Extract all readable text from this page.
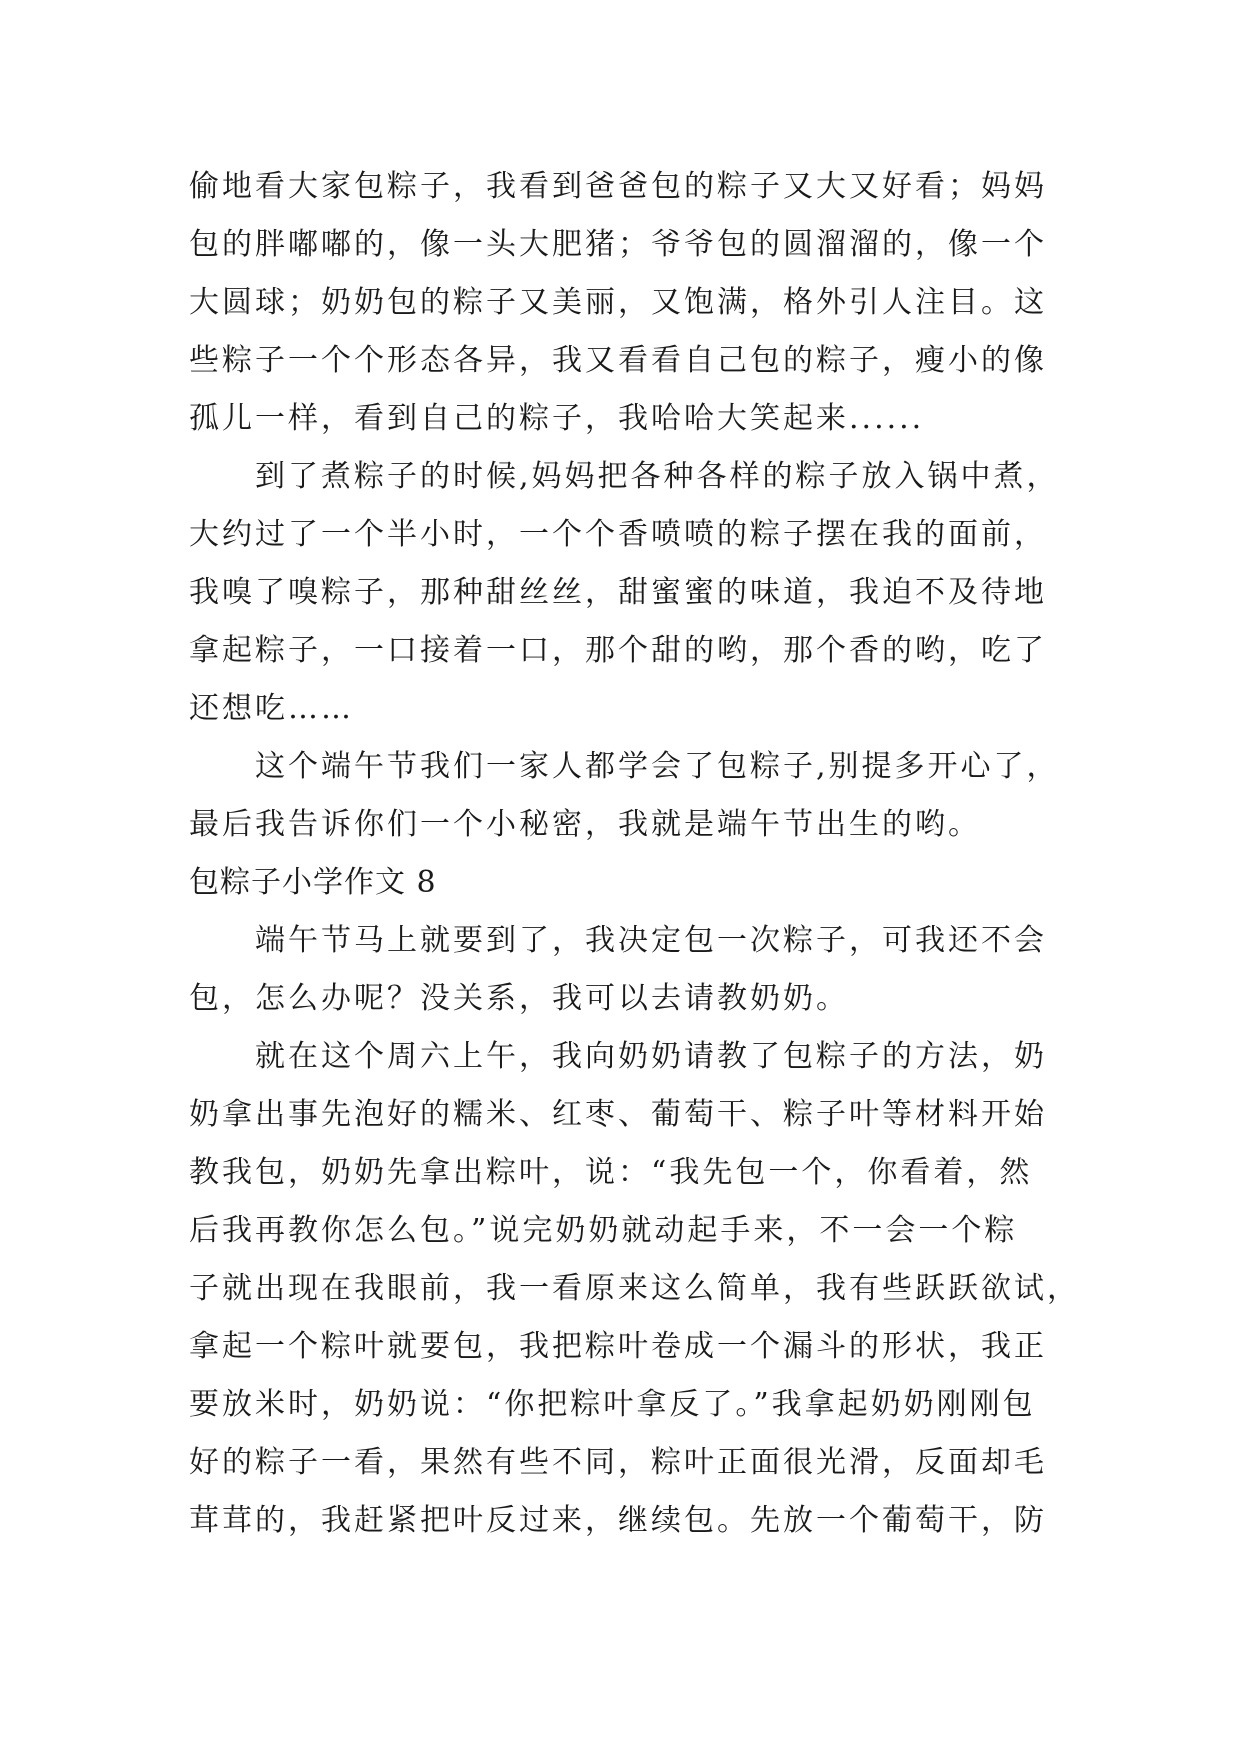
偷地看大家包粽子，我看到爸爸包的粽子又大又好看；妈妈
包的胖嘟嘟的，像一头大肥猪；爷爷包的圆溜溜的，像一个
大圆球；奶奶包的粽子又美丽，又饱满，格外引人注目。这
些粽子一个个形态各异，我又看看自己包的粽子，瘦小的像
孤儿一样，看到自己的粽子，我哈哈大笑起来......
到了煮粽子的时候,妈妈把各种各样的粽子放入锅中煮，
大约过了一个半小时，一个个香喷喷的粽子摆在我的面前，
我嗅了嗅粽子，那种甜丝丝，甜蜜蜜的味道，我迫不及待地
拿起粽子，一口接着一口，那个甜的哟，那个香的哟，吃了
还想吃……
这个端午节我们一家人都学会了包粽子,别提多开心了，
最后我告诉你们一个小秘密，我就是端午节出生的哟。
包粽子小学作文 8
端午节马上就要到了，我决定包一次粽子，可我还不会
包，怎么办呢？没关系，我可以去请教奶奶。
就在这个周六上午，我向奶奶请教了包粽子的方法，奶
奶拿出事先泡好的糯米、红枣、葡萄干、粽子叶等材料开始
教我包，奶奶先拿出粽叶，说：“我先包一个，你看着，然
后我再教你怎么包。”说完奶奶就动起手来，不一会一个粽
子就出现在我眼前，我一看原来这么简单，我有些跃跃欲试，
拿起一个粽叶就要包，我把粽叶卷成一个漏斗的形状，我正
要放米时，奶奶说：“你把粽叶拿反了。”我拿起奶奶刚刚包
好的粽子一看，果然有些不同，粽叶正面很光滑，反面却毛
茸茸的，我赶紧把叶反过来，继续包。先放一个葡萄干，防
